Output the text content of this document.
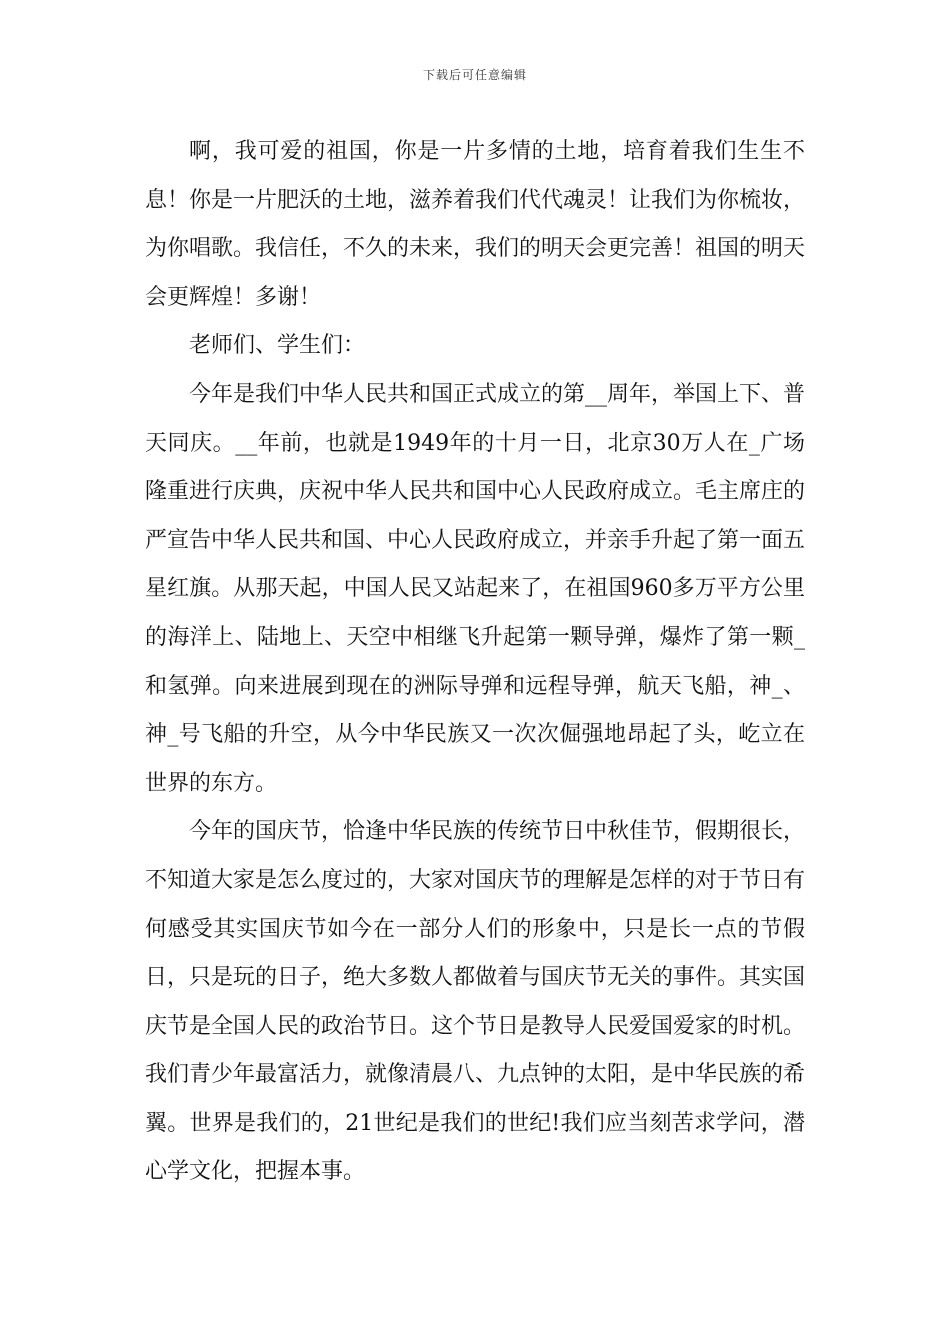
下载后可任意编辑

啊，我可爱的祖国，你是一片多情的土地，培育着我们生生不息！你是一片肥沃的土地，滋养着我们代代魂灵！让我们为你梳妆，为你唱歌。我信任，不久的未来，我们的明天会更完善！祖国的明天会更辉煌！多谢！

老师们、学生们：

今年是我们中华人民共和国正式成立的第__周年，举国上下、普天同庆。__年前，也就是1949年的十月一日，北京30万人在_广场隆重进行庆典，庆祝中华人民共和国中心人民政府成立。毛主席庄的严宣告中华人民共和国、中心人民政府成立，并亲手升起了第一面五星红旗。从那天起，中国人民又站起来了，在祖国960多万平方公里的海洋上、陆地上、天空中相继飞升起第一颗导弹，爆炸了第一颗_和氢弹。向来进展到现在的洲际导弹和远程导弹，航天飞船，神_、神_号飞船的升空，从今中华民族又一次次倔强地昂起了头，屹立在世界的东方。

今年的国庆节，恰逢中华民族的传统节日中秋佳节，假期很长，不知道大家是怎么度过的，大家对国庆节的理解是怎样的对于节日有何感受其实国庆节如今在一部分人们的形象中，只是长一点的节假日，只是玩的日子，绝大多数人都做着与国庆节无关的事件。其实国庆节是全国人民的政治节日。这个节日是教导人民爱国爱家的时机。我们青少年最富活力，就像清晨八、九点钟的太阳，是中华民族的希翼。世界是我们的，21世纪是我们的世纪!我们应当刻苦求学问，潜心学文化，把握本事。
